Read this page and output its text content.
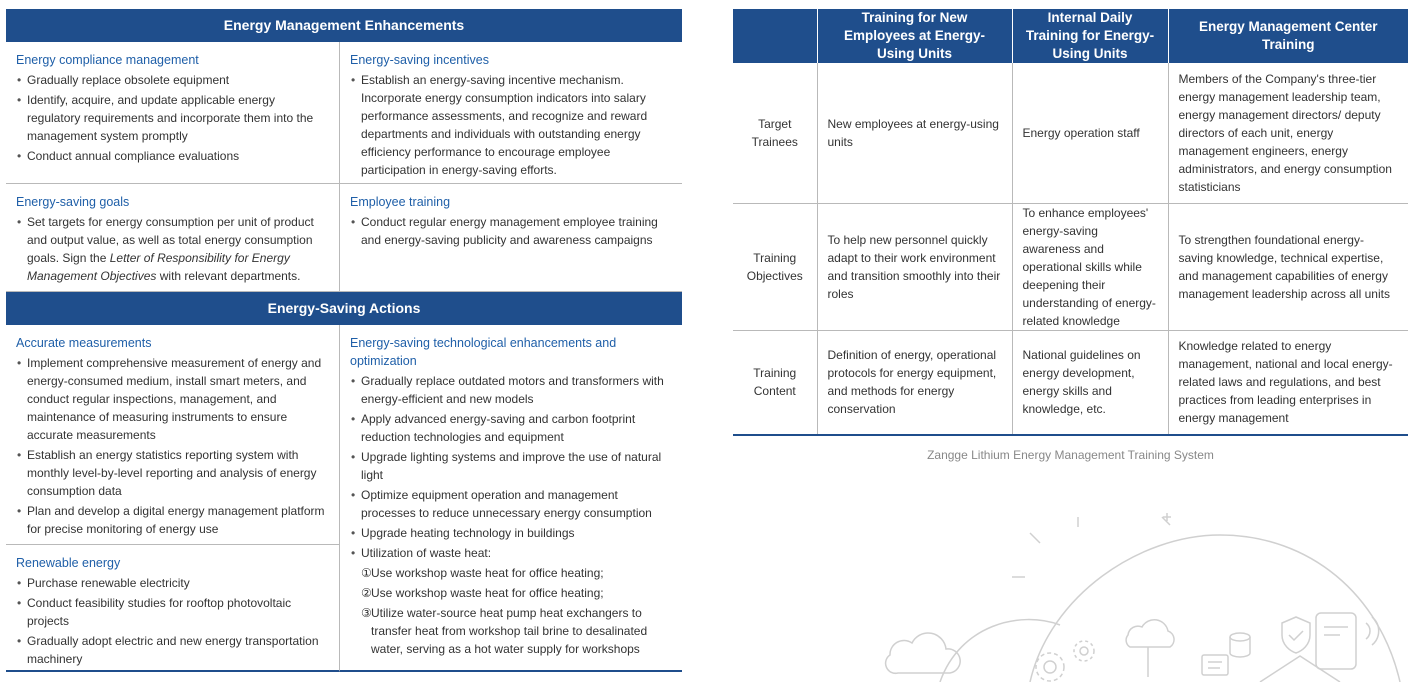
Energy Management Enhancements
Energy compliance management
• Gradually replace obsolete equipment
• Identify, acquire, and update applicable energy regulatory requirements and incorporate them into the management system promptly
• Conduct annual compliance evaluations
Energy-saving incentives
• Establish an energy-saving incentive mechanism. Incorporate energy consumption indicators into salary performance assessments, and recognize and reward departments and individuals with outstanding energy efficiency performance to encourage employee participation in energy-saving efforts.
Energy-saving goals
• Set targets for energy consumption per unit of product and output value, as well as total energy consumption goals. Sign the Letter of Responsibility for Energy Management Objectives with relevant departments.
Employee training
• Conduct regular energy management employee training and energy-saving publicity and awareness campaigns
Energy-Saving Actions
Accurate measurements
• Implement comprehensive measurement of energy and energy-consumed medium, install smart meters, and conduct regular inspections, management, and maintenance of measuring instruments to ensure accurate measurements
• Establish an energy statistics reporting system with monthly level-by-level reporting and analysis of energy consumption data
• Plan and develop a digital energy management platform for precise monitoring of energy use
Renewable energy
• Purchase renewable electricity
• Conduct feasibility studies for rooftop photovoltaic projects
• Gradually adopt electric and new energy transportation machinery
Energy-saving technological enhancements and optimization
• Gradually replace outdated motors and transformers with energy-efficient and new models
• Apply advanced energy-saving and carbon footprint reduction technologies and equipment
• Upgrade lighting systems and improve the use of natural light
• Optimize equipment operation and management processes to reduce unnecessary energy consumption
• Upgrade heating technology in buildings
• Utilization of waste heat:
① Use workshop waste heat for office heating;
② Use workshop waste heat for office heating;
③ Utilize water-source heat pump heat exchangers to transfer heat from workshop tail brine to desalinated water, serving as a hot water supply for workshops
	Training for New Employees at Energy-Using Units	Internal Daily Training for Energy-Using Units	Energy Management Center Training
Target Trainees	New employees at energy-using units	Energy operation staff	Members of the Company's three-tier energy management leadership team, energy management directors/ deputy directors of each unit, energy management engineers, energy administrators, and energy consumption statisticians
Training Objectives	To help new personnel quickly adapt to their work environment and transition smoothly into their roles	To enhance employees' energy-saving awareness and operational skills while deepening their understanding of energy-related knowledge	To strengthen foundational energy-saving knowledge, technical expertise, and management capabilities of energy management leadership across all units
Training Content	Definition of energy, operational protocols for energy equipment, and methods for energy conservation	National guidelines on energy development, energy skills and knowledge, etc.	Knowledge related to energy management, national and local energy-related laws and regulations, and best practices from leading enterprises in energy management
Zangge Lithium Energy Management Training System
